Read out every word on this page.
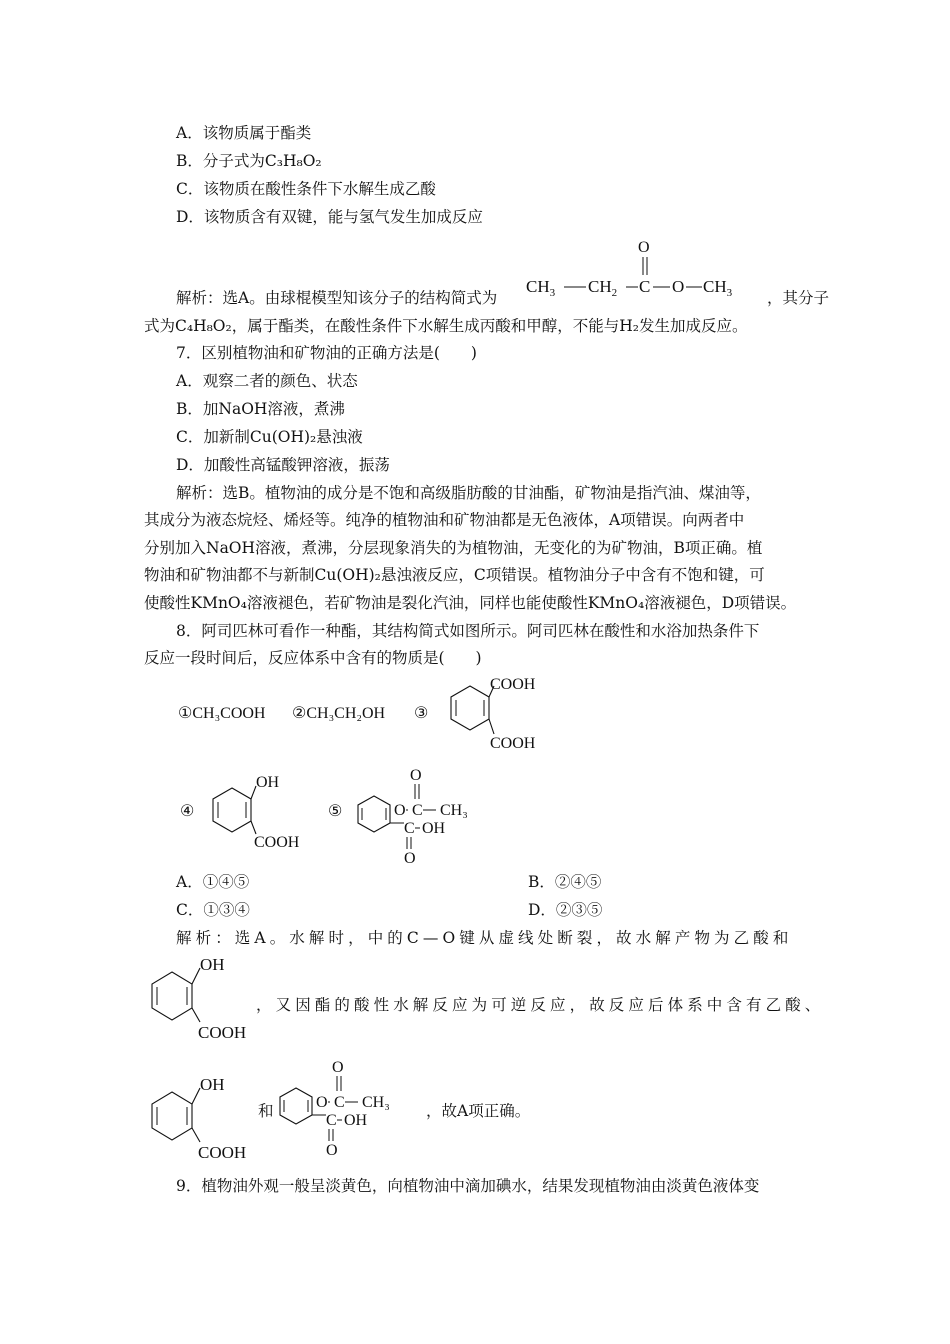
A．该物质属于酯类
B．分子式为C₃H₈O₂
C．该物质在酸性条件下水解生成乙酸
D．该物质含有双键，能与氢气发生加成反应
解析：选A。由球棍模型知该分子的结构简式为
O
$CH_3$ $CH_2$ C O $CH_3$ ，其分子
式为C₄H₈O₂，属于酯类，在酸性条件下水解生成丙酸和甲醇，不能与H₂发生加成反应。
7．区别植物油和矿物油的正确方法是(　　)
A．观察二者的颜色、状态
B．加NaOH溶液，煮沸
C．加新制Cu(OH)₂悬浊液
D．加酸性高锰酸钾溶液，振荡
解析：选B。植物油的成分是不饱和高级脂肪酸的甘油酯，矿物油是指汽油、煤油等，
其成分为液态烷烃、烯烃等。纯净的植物油和矿物油都是无色液体，A项错误。向两者中
分别加入NaOH溶液，煮沸，分层现象消失的为植物油，无变化的为矿物油，B项正确。植
物油和矿物油都不与新制Cu(OH)₂悬浊液反应，C项错误。植物油分子中含有不饱和键，可
使酸性KMnO₄溶液褪色，若矿物油是裂化汽油，同样也能使酸性KMnO₄溶液褪色，D项错误。
8．阿司匹林可看作一种酯，其结构简式如图所示。阿司匹林在酸性和水浴加热条件下
反应一段时间后，反应体系中含有的物质是(　　)
①CH₃COOH ②CH₃CH₂OH ③
COOH
COOH
④
OH
COOH
⑤	O C CH₃
O
C OH
O
A．①④⑤	B．②④⑤
C．①③④	D．②③⑤
解析：选A。水解时，中的C—O键从虚线处断裂，故水解产物为乙酸和
OH
COOH
，又因酯的酸性水解反应为可逆反应，故反应后体系中含有乙酸、
OH
COOH
和	O C CH₃
O
C OH
O
，故A项正确。
9．植物油外观一般呈淡黄色，向植物油中滴加碘水，结果发现植物油由淡黄色液体变
